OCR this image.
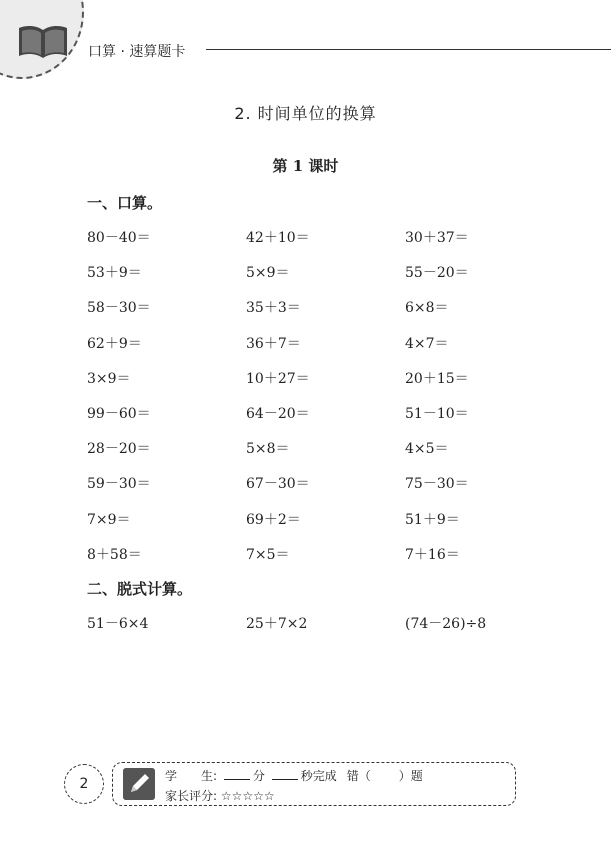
口算 · 速算题卡
2. 时间单位的换算
第 1 课时
一、口算。
80－40＝	42＋10＝	30＋37＝
53＋9＝	5×9＝	55－20＝
58－30＝	35＋3＝	6×8＝
62＋9＝	36＋7＝	4×7＝
3×9＝	10＋27＝	20＋15＝
99－60＝	64－20＝	51－10＝
28－20＝	5×8＝	4×5＝
59－30＝	67－30＝	75－30＝
7×9＝	69＋2＝	51＋9＝
8＋58＝	7×5＝	7＋16＝
二、脱式计算。
51－6×4	25＋7×2	(74－26)÷8
2	学　　生:	分	秒完成 错（ ）题
家长评分: ☆☆☆☆☆
